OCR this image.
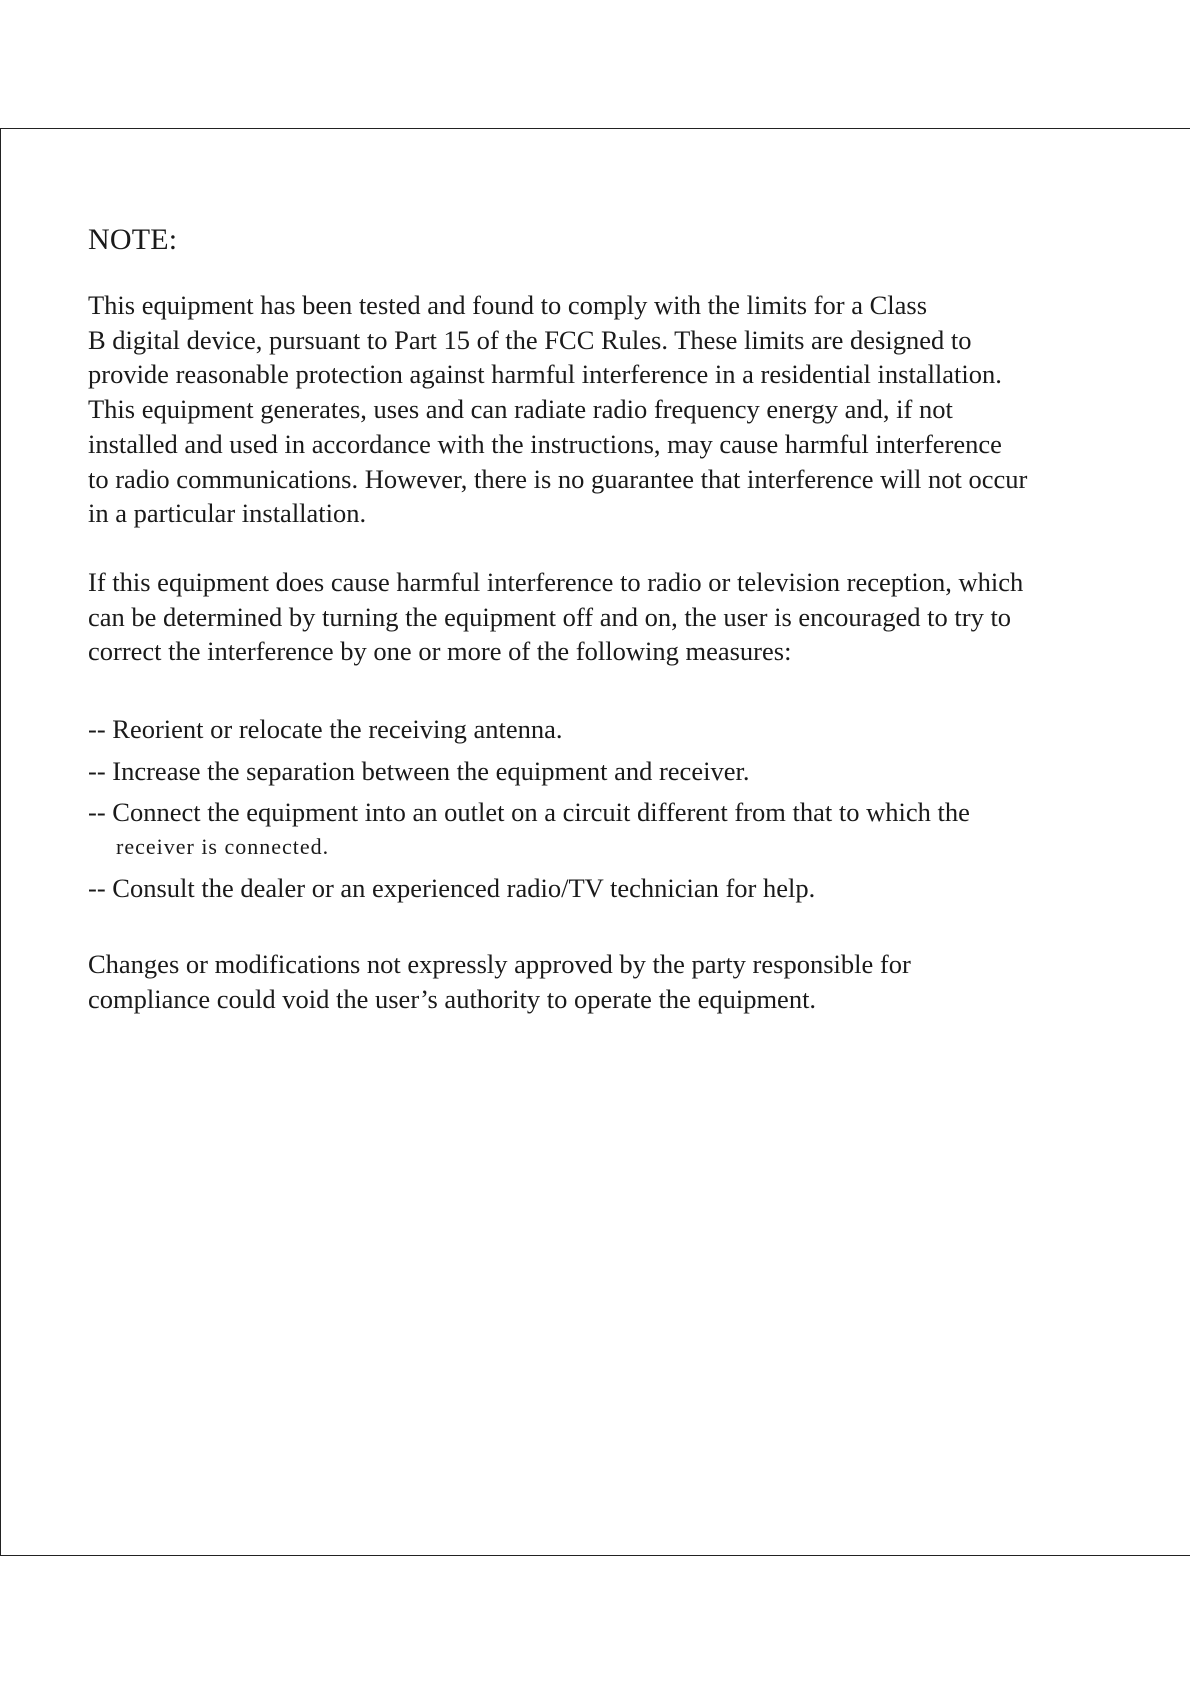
NOTE:

This equipment has been tested and found to comply with the limits for a Class
B digital device, pursuant to Part 15 of the FCC Rules. These limits are designed to
provide reasonable protection against harmful interference in a residential installation.
This equipment generates, uses and can radiate radio frequency energy and, if not
installed and used in accordance with the instructions, may cause harmful interference
to radio communications. However, there is no guarantee that interference will not occur
in a particular installation.

If this equipment does cause harmful interference to radio or television reception, which
can be determined by turning the equipment off and on, the user is encouraged to try to
correct the interference by one or more of the following measures:

-- Reorient or relocate the receiving antenna.
-- Increase the separation between the equipment and receiver.
-- Connect the equipment into an outlet on a circuit different from that to which the
receiver is connected.
-- Consult the dealer or an experienced radio/TV technician for help.

Changes or modifications not expressly approved by the party responsible for
compliance could void the user’s authority to operate the equipment.
